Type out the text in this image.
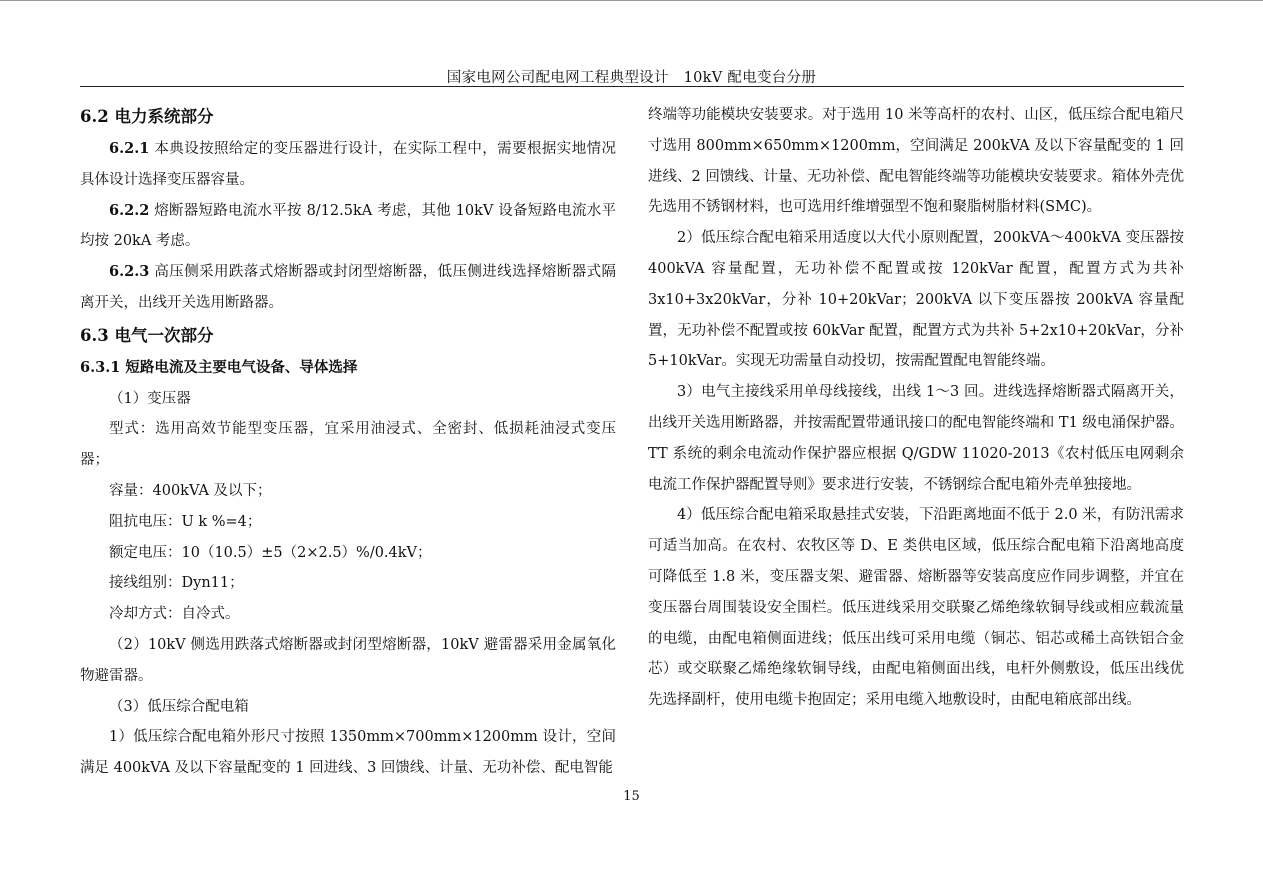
国家电网公司配电网工程典型设计　10kV 配电变台分册
6.2 电力系统部分

6.2.1 本典设按照给定的变压器进行设计，在实际工程中，需要根据实地情况具体设计选择变压器容量。

6.2.2 熔断器短路电流水平按 8/12.5kA 考虑，其他 10kV 设备短路电流水平均按 20kA 考虑。

6.2.3 高压侧采用跌落式熔断器或封闭型熔断器，低压侧进线选择熔断器式隔离开关，出线开关选用断路器。

6.3 电气一次部分
6.3.1 短路电流及主要电气设备、导体选择

（1）变压器

型式：选用高效节能型变压器，宜采用油浸式、全密封、低损耗油浸式变压器；

容量：400kVA 及以下；

阻抗电压：U k %=4；

额定电压：10（10.5）±5（2×2.5）%/0.4kV；

接线组别：Dyn11；

冷却方式：自冷式。

（2）10kV 侧选用跌落式熔断器或封闭型熔断器，10kV 避雷器采用金属氧化物避雷器。

（3）低压综合配电箱

1）低压综合配电箱外形尺寸按照 1350mm×700mm×1200mm 设计，空间满足 400kVA 及以下容量配变的 1 回进线、3 回馈线、计量、无功补偿、配电智能

终端等功能模块安装要求。对于选用 10 米等高杆的农村、山区，低压综合配电箱尺寸选用 800mm×650mm×1200mm，空间满足 200kVA 及以下容量配变的 1 回进线、2 回馈线、计量、无功补偿、配电智能终端等功能模块安装要求。箱体外壳优先选用不锈钢材料，也可选用纤维增强型不饱和聚脂树脂材料(SMC)。

2）低压综合配电箱采用适度以大代小原则配置，200kVA～400kVA 变压器按 400kVA 容量配置，无功补偿不配置或按 120kVar 配置，配置方式为共补 3x10+3x20kVar，分补 10+20kVar；200kVA 以下变压器按 200kVA 容量配置，无功补偿不配置或按 60kVar 配置，配置方式为共补 5+2x10+20kVar，分补 5+10kVar。实现无功需量自动投切，按需配置配电智能终端。

3）电气主接线采用单母线接线，出线 1～3 回。进线选择熔断器式隔离开关，出线开关选用断路器，并按需配置带通讯接口的配电智能终端和 T1 级电涌保护器。TT 系统的剩余电流动作保护器应根据 Q/GDW 11020-2013《农村低压电网剩余电流工作保护器配置导则》要求进行安装，不锈钢综合配电箱外壳单独接地。

4）低压综合配电箱采取悬挂式安装，下沿距离地面不低于 2.0 米，有防汛需求可适当加高。在农村、农牧区等 D、E 类供电区域，低压综合配电箱下沿离地高度可降低至 1.8 米，变压器支架、避雷器、熔断器等安装高度应作同步调整，并宜在变压器台周围装设安全围栏。低压进线采用交联聚乙烯绝缘软铜导线或相应载流量的电缆，由配电箱侧面进线；低压出线可采用电缆（铜芯、铝芯或稀土高铁铝合金芯）或交联聚乙烯绝缘软铜导线，由配电箱侧面出线，电杆外侧敷设，低压出线优先选择副杆，使用电缆卡抱固定；采用电缆入地敷设时，由配电箱底部出线。

15
